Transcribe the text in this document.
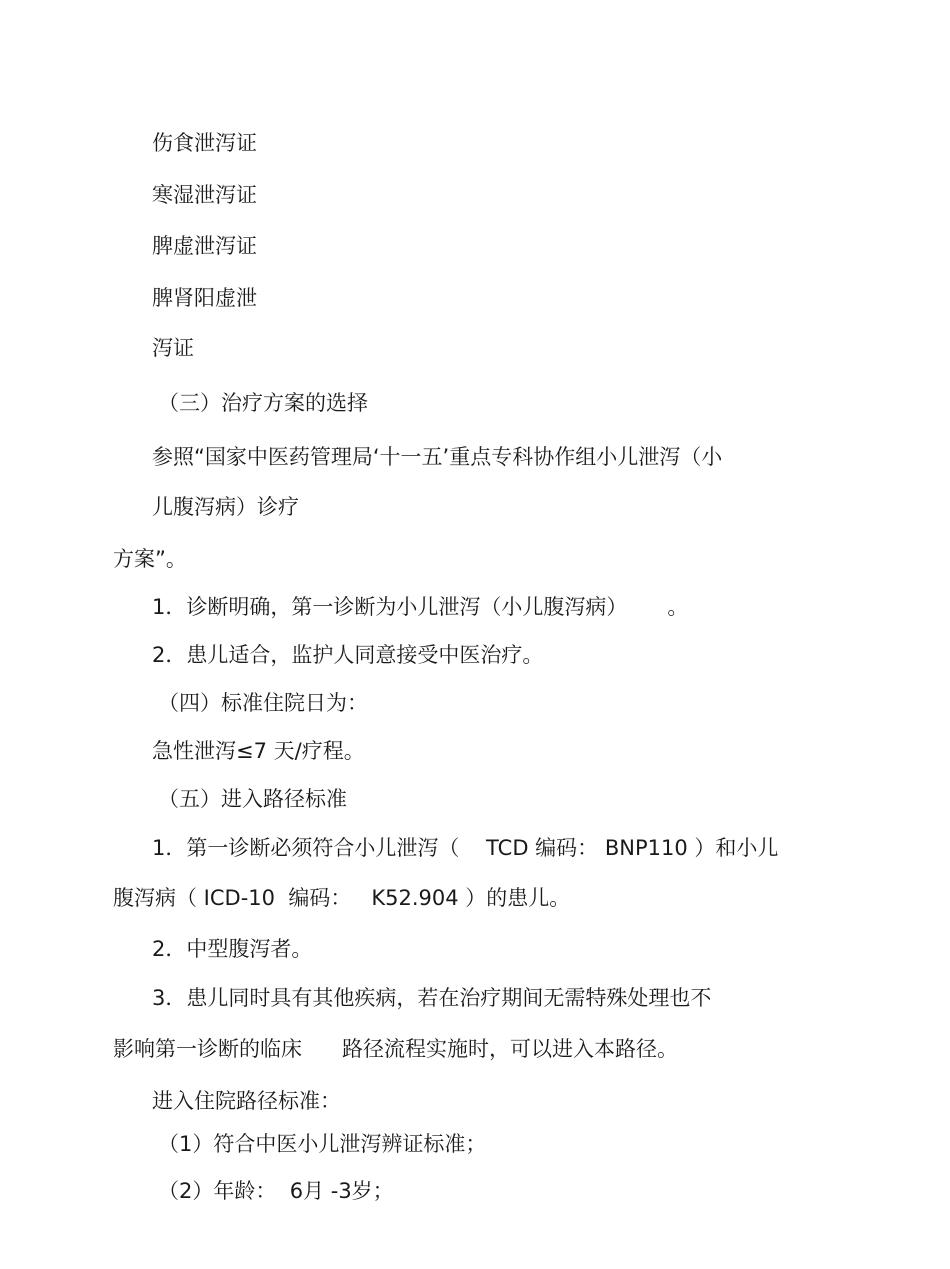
伤食泄泻证
寒湿泄泻证
脾虚泄泻证
脾肾阳虚泄
泻证
（三）治疗方案的选择
参照“国家中医药管理局‘十一五’重点专科协作组小儿泄泻（小
儿腹泻病）诊疗
方案”。
1．诊断明确，第一诊断为小儿泄泻（小儿腹泻病）      。
2．患儿适合，监护人同意接受中医治疗。
（四）标准住院日为：
急性泄泻≤7 天/疗程。
（五）进入路径标准
1．第一诊断必须符合小儿泄泻（    TCD 编码： BNP110 ）和小儿
腹泻病（ ICD-10  编码：   K52.904 ）的患儿。
2．中型腹泻者。
3．患儿同时具有其他疾病，若在治疗期间无需特殊处理也不
影响第一诊断的临床      路径流程实施时，可以进入本路径。
进入住院路径标准：
（1）符合中医小儿泄泻辨证标准；
（2）年龄：  6月 -3岁；
